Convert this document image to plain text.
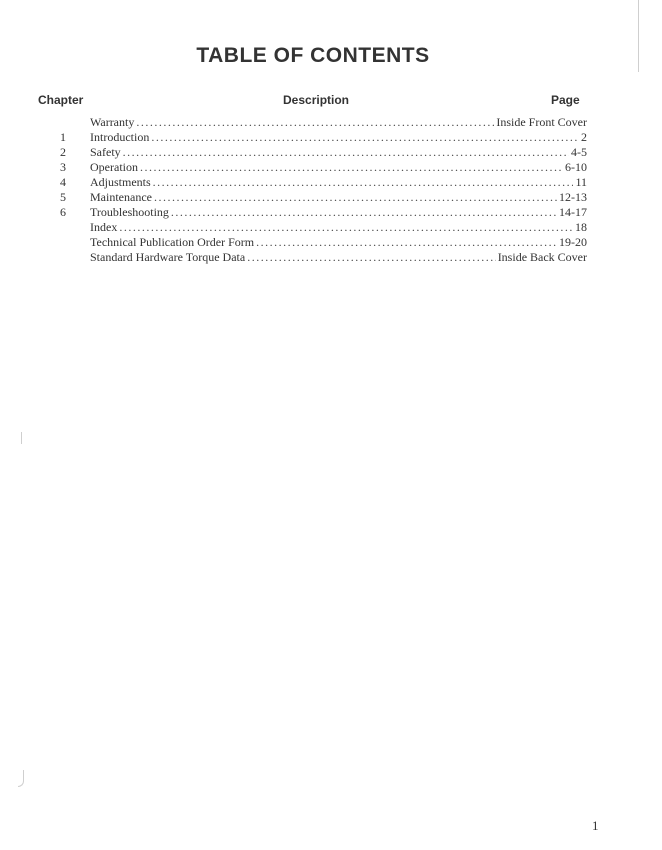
TABLE OF CONTENTS
Chapter	Description	Page
Warranty .....	Inside Front Cover
1	Introduction .....	2
2	Safety .....	4-5
3	Operation .....	6-10
4	Adjustments .....	11
5	Maintenance .....	12-13
6	Troubleshooting .....	14-17
Index .....	18
Technical Publication Order Form .....	19-20
Standard Hardware Torque Data .....	Inside Back Cover
1
